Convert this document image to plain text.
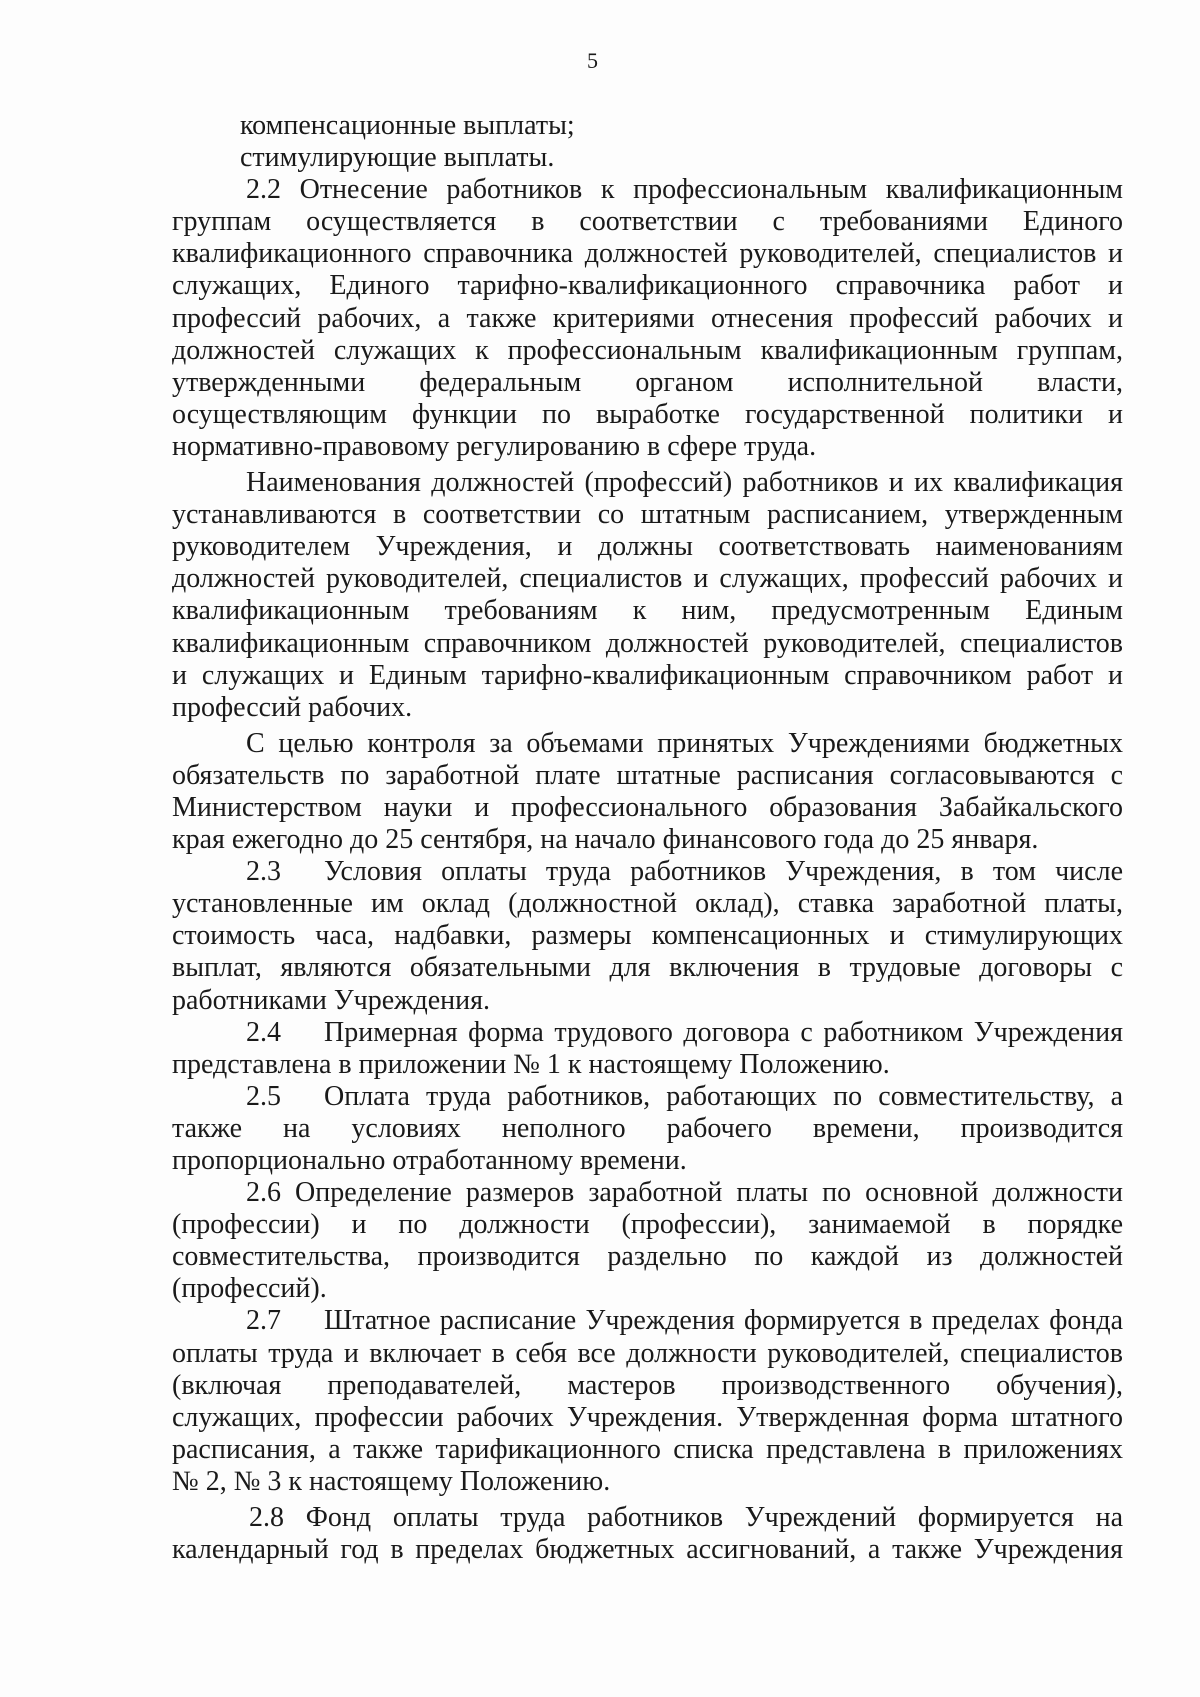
5
компенсационные выплаты;
стимулирующие выплаты.
2.2 Отнесение работников к профессиональным квалификационным
группам осуществляется в соответствии с требованиями Единого
квалификационного справочника должностей руководителей, специалистов и
служащих, Единого тарифно-квалификационного справочника работ и
профессий рабочих, а также критериями отнесения профессий рабочих и
должностей служащих к профессиональным квалификационным группам,
утвержденными федеральным органом исполнительной власти,
осуществляющим функции по выработке государственной политики и
нормативно-правовому регулированию в сфере труда.
Наименования должностей (профессий) работников и их квалификация
устанавливаются в соответствии со штатным расписанием, утвержденным
руководителем Учреждения, и должны соответствовать наименованиям
должностей руководителей, специалистов и служащих, профессий рабочих и
квалификационным требованиям к ним, предусмотренным Единым
квалификационным справочником должностей руководителей, специалистов
и служащих и Единым тарифно-квалификационным справочником работ и
профессий рабочих.
С целью контроля за объемами принятых Учреждениями бюджетных
обязательств по заработной плате штатные расписания согласовываются с
Министерством науки и профессионального образования Забайкальского
края ежегодно до 25 сентября, на начало финансового года до 25 января.
2.3	Условия оплаты труда работников Учреждения, в том числе
установленные им оклад (должностной оклад), ставка заработной платы,
стоимость часа, надбавки, размеры компенсационных и стимулирующих
выплат, являются обязательными для включения в трудовые договоры с
работниками Учреждения.
2.4	Примерная форма трудового договора с работником Учреждения
представлена в приложении № 1 к настоящему Положению.
2.5	Оплата труда работников, работающих по совместительству, а
также на условиях неполного рабочего времени, производится
пропорционально отработанному времени.
2.6 Определение размеров заработной платы по основной должности
(профессии) и по должности (профессии), занимаемой в порядке
совместительства, производится раздельно по каждой из должностей
(профессий).
2.7	Штатное расписание Учреждения формируется в пределах фонда
оплаты труда и включает в себя все должности руководителей, специалистов
(включая преподавателей, мастеров производственного обучения),
служащих, профессии рабочих Учреждения. Утвержденная форма штатного
расписания, а также тарификационного списка представлена в приложениях
№ 2, № 3 к настоящему Положению.
2.8 Фонд оплаты труда работников Учреждений формируется на
календарный год в пределах бюджетных ассигнований, а также Учреждения
